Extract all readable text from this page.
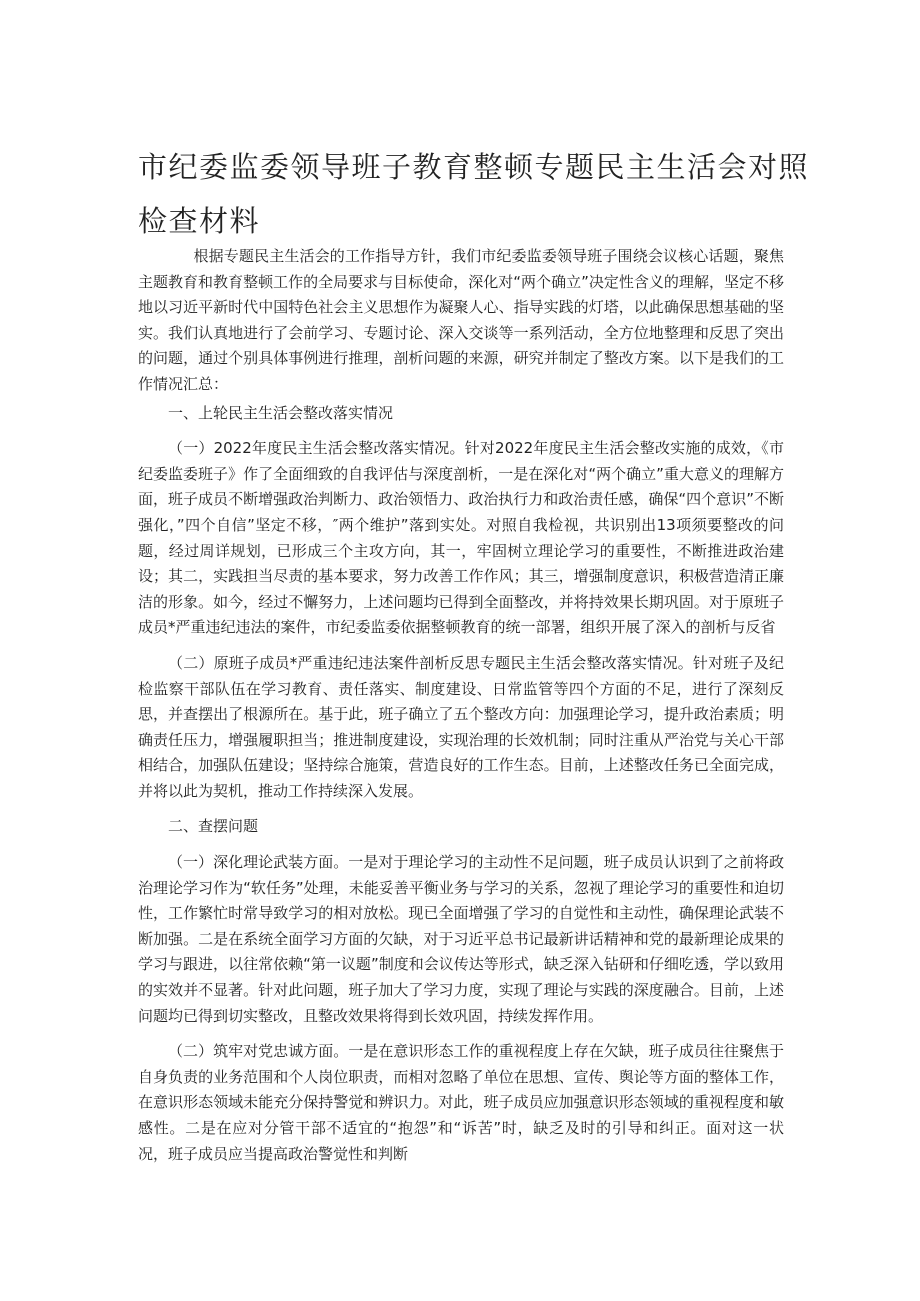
市纪委监委领导班子教育整顿专题民主生活会对照检查材料

根据专题民主生活会的工作指导方针，我们市纪委监委领导班子围绕会议核心话题，聚焦主题教育和教育整顿工作的全局要求与目标使命，深化对“两个确立”决定性含义的理解，坚定不移地以习近平新时代中国特色社会主义思想作为凝聚人心、指导实践的灯塔，以此确保思想基础的坚实。我们认真地进行了会前学习、专题讨论、深入交谈等一系列活动，全方位地整理和反思了突出的问题，通过个别具体事例进行推理，剖析问题的来源，研究并制定了整改方案。以下是我们的工作情况汇总：

一、上轮民主生活会整改落实情况

（一）2022年度民主生活会整改落实情况。针对2022年度民主生活会整改实施的成效，《市纪委监委班子》作了全面细致的自我评估与深度剖析，一是在深化对“两个确立”重大意义的理解方面，班子成员不断增强政治判断力、政治领悟力、政治执行力和政治责任感，确保“四个意识”不断强化，”四个自信”坚定不移，″两个维护”落到实处。对照自我检视，共识别出13项须要整改的问题，经过周详规划，已形成三个主攻方向，其一，牢固树立理论学习的重要性，不断推进政治建设；其二，实践担当尽责的基本要求，努力改善工作作风；其三，增强制度意识，积极营造清正廉洁的形象。如今，经过不懈努力，上述问题均已得到全面整改，并将持效果长期巩固。对于原班子成员*严重违纪违法的案件，市纪委监委依据整顿教育的统一部署，组织开展了深入的剖析与反省

（二）原班子成员*严重违纪违法案件剖析反思专题民主生活会整改落实情况。针对班子及纪检监察干部队伍在学习教育、责任落实、制度建设、日常监管等四个方面的不足，进行了深刻反思，并查摆出了根源所在。基于此，班子确立了五个整改方向：加强理论学习，提升政治素质；明确责任压力，增强履职担当；推进制度建设，实现治理的长效机制；同时注重从严治党与关心干部相结合，加强队伍建设；坚持综合施策，营造良好的工作生态。目前，上述整改任务已全面完成，并将以此为契机，推动工作持续深入发展。

二、查摆问题

（一）深化理论武装方面。一是对于理论学习的主动性不足问题，班子成员认识到了之前将政治理论学习作为“软任务”处理，未能妥善平衡业务与学习的关系，忽视了理论学习的重要性和迫切性，工作繁忙时常导致学习的相对放松。现已全面增强了学习的自觉性和主动性，确保理论武装不断加强。二是在系统全面学习方面的欠缺，对于习近平总书记最新讲话精神和党的最新理论成果的学习与跟进，以往常依赖“第一议题”制度和会议传达等形式，缺乏深入钻研和仔细吃透，学以致用的实效并不显著。针对此问题，班子加大了学习力度，实现了理论与实践的深度融合。目前，上述问题均已得到切实整改，且整改效果将得到长效巩固，持续发挥作用。

（二）筑牢对党忠诚方面。一是在意识形态工作的重视程度上存在欠缺，班子成员往往聚焦于自身负责的业务范围和个人岗位职责，而相对忽略了单位在思想、宣传、舆论等方面的整体工作，在意识形态领域未能充分保持警觉和辨识力。对此，班子成员应加强意识形态领域的重视程度和敏感性。二是在应对分管干部不适宜的“抱怨”和“诉苦”时，缺乏及时的引导和纠正。面对这一状况，班子成员应当提高政治警觉性和判断
